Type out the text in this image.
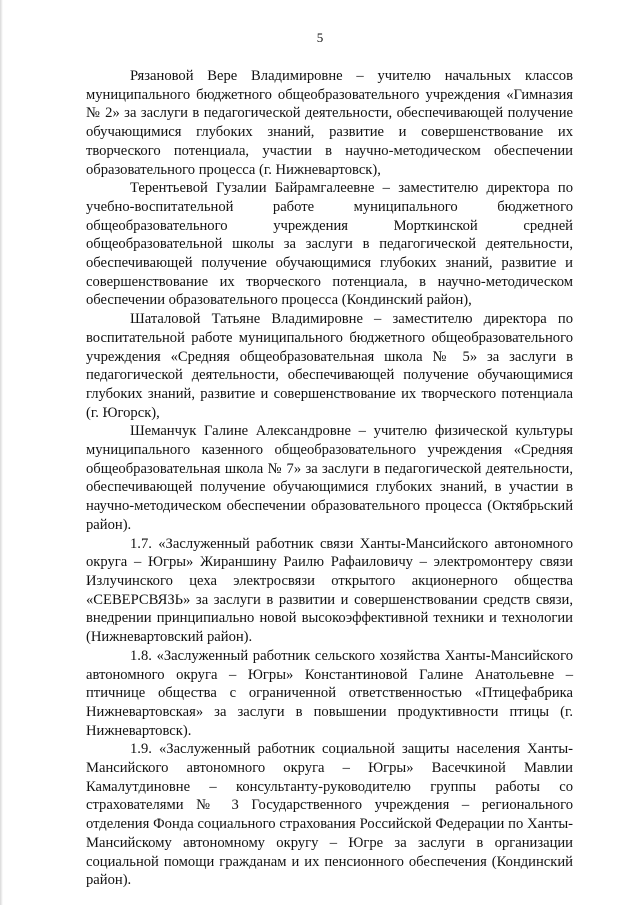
5

Рязановой Вере Владимировне – учителю начальных классов муниципального бюджетного общеобразовательного учреждения «Гимназия № 2» за заслуги в педагогической деятельности, обеспечивающей получение обучающимися глубоких знаний, развитие и совершенствование их творческого потенциала, участии в научно-методическом обеспечении образовательного процесса (г. Нижневартовск),

Терентьевой Гузалии Байрамгалеевне – заместителю директора по учебно-воспитательной работе муниципального бюджетного общеобразовательного учреждения Морткинской средней общеобразовательной школы за заслуги в педагогической деятельности, обеспечивающей получение обучающимися глубоких знаний, развитие и совершенствование их творческого потенциала, в научно-методическом обеспечении образовательного процесса (Кондинский район),

Шаталовой Татьяне Владимировне – заместителю директора по воспитательной работе муниципального бюджетного общеобразовательного учреждения «Средняя общеобразовательная школа № 5» за заслуги в педагогической деятельности, обеспечивающей получение обучающимися глубоких знаний, развитие и совершенствование их творческого потенциала (г. Югорск),

Шеманчук Галине Александровне – учителю физической культуры муниципального казенного общеобразовательного учреждения «Средняя общеобразовательная школа № 7» за заслуги в педагогической деятельности, обеспечивающей получение обучающимися глубоких знаний, в участии в научно-методическом обеспечении образовательного процесса (Октябрьский район).

1.7. «Заслуженный работник связи Ханты-Мансийского автономного округа – Югры» Жираншину Раилю Рафаиловичу – электромонтеру связи Излучинского цеха электросвязи открытого акционерного общества «СЕВЕРСВЯЗЬ» за заслуги в развитии и совершенствовании средств связи, внедрении принципиально новой высокоэффективной техники и технологии (Нижневартовский район).

1.8. «Заслуженный работник сельского хозяйства Ханты-Мансийского автономного округа – Югры» Константиновой Галине Анатольевне – птичнице общества с ограниченной ответственностью «Птицефабрика Нижневартовская» за заслуги в повышении продуктивности птицы (г. Нижневартовск).

1.9. «Заслуженный работник социальной защиты населения Ханты-Мансийского автономного округа – Югры» Васечкиной Мавлии Камалутдиновне – консультанту-руководителю группы работы со страхователями № 3 Государственного учреждения – регионального отделения Фонда социального страхования Российской Федерации по Ханты-Мансийскому автономному округу – Югре за заслуги в организации социальной помощи гражданам и их пенсионного обеспечения (Кондинский район).
